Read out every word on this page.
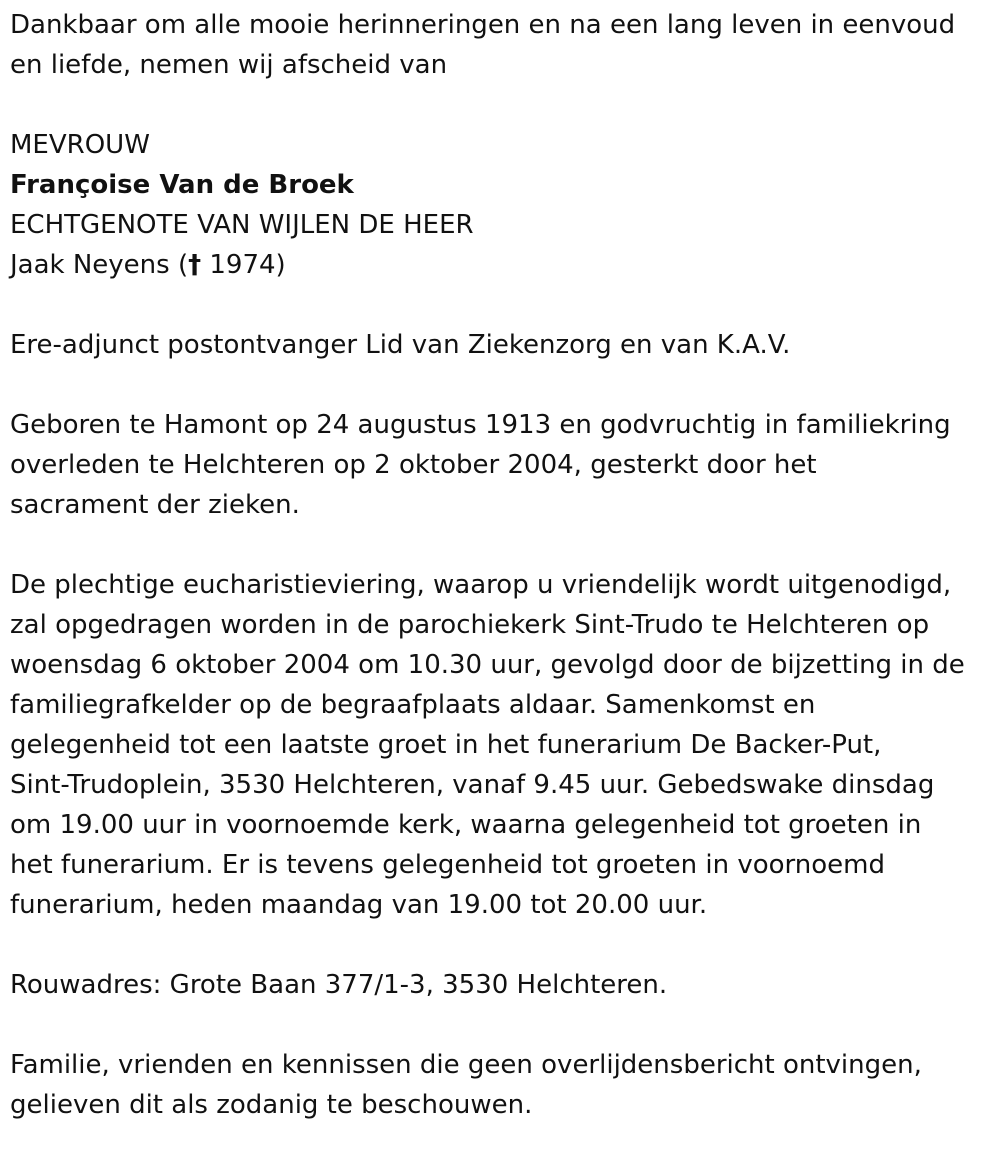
Dankbaar om alle mooie herinneringen en na een lang leven in eenvoud
en liefde, nemen wij afscheid van

MEVROUW
Françoise Van de Broek
ECHTGENOTE VAN WIJLEN DE HEER
Jaak Neyens († 1974)

Ere-adjunct postontvanger Lid van Ziekenzorg en van K.A.V.

Geboren te Hamont op 24 augustus 1913 en godvruchtig in familiekring
overleden te Helchteren op 2 oktober 2004, gesterkt door het
sacrament der zieken.

De plechtige eucharistieviering, waarop u vriendelijk wordt uitgenodigd,
zal opgedragen worden in de parochiekerk Sint-Trudo te Helchteren op
woensdag 6 oktober 2004 om 10.30 uur, gevolgd door de bijzetting in de
familiegrafkelder op de begraafplaats aldaar. Samenkomst en
gelegenheid tot een laatste groet in het funerarium De Backer-Put,
Sint-Trudoplein, 3530 Helchteren, vanaf 9.45 uur. Gebedswake dinsdag
om 19.00 uur in voornoemde kerk, waarna gelegenheid tot groeten in
het funerarium. Er is tevens gelegenheid tot groeten in voornoemd
funerarium, heden maandag van 19.00 tot 20.00 uur.

Rouwadres: Grote Baan 377/1-3, 3530 Helchteren.

Familie, vrienden en kennissen die geen overlijdensbericht ontvingen,
gelieven dit als zodanig te beschouwen.
